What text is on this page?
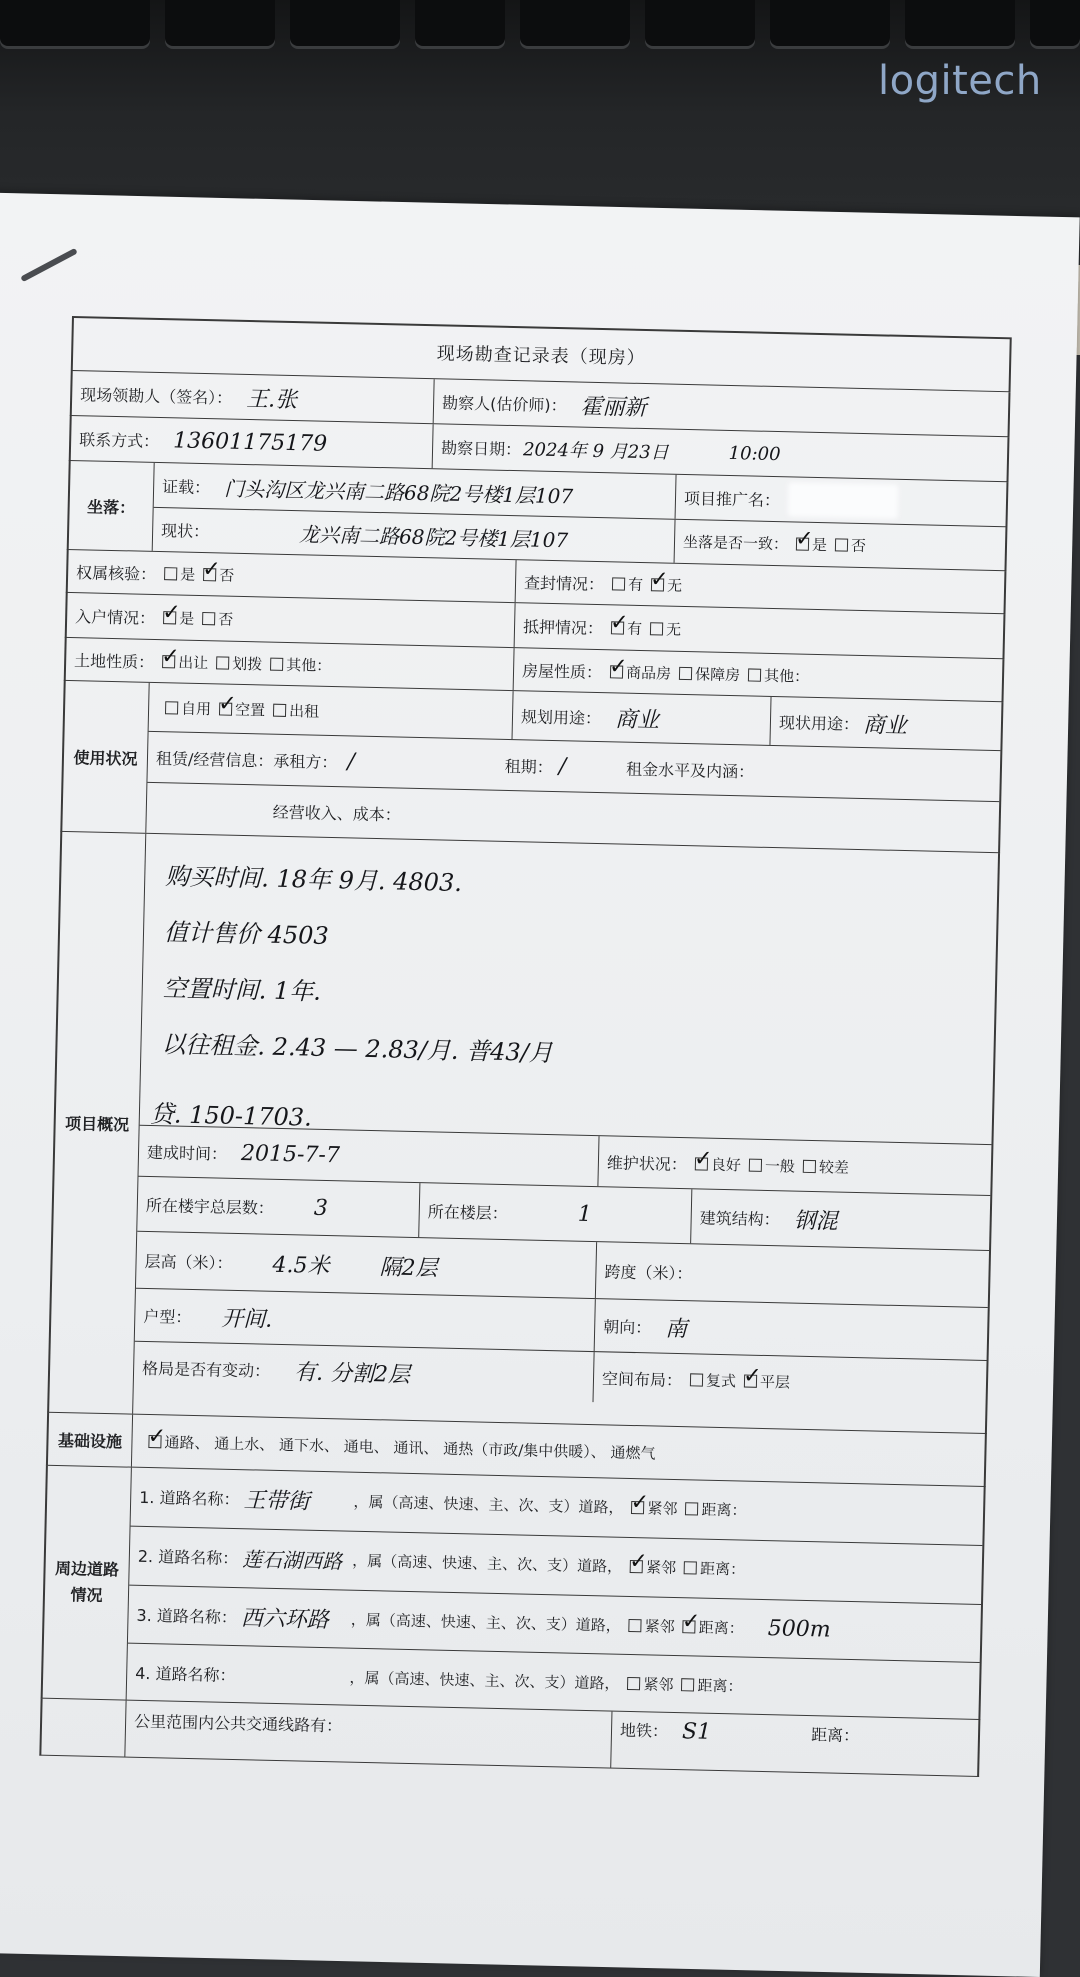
logitech
现场勘查记录表（现房）
现场领勘人（签名）： 王.张	勘察人(估价师)： 霍丽新
联系方式： 13601175179	勘察日期： 2024年 9 月23日	10:00
坐落：
证载： 门头沟区龙兴南二路68院2号楼1层107	项目推广名：
现状：	龙兴南二路68院2号楼1层107	坐落是否一致： ✓ 是 否
权属核验： 是 ✓ 否	查封情况： 有 ✓ 无
入户情况： ✓ 是 否	抵押情况： ✓ 有 无
土地性质： ✓ 出让 划拨 其他：	房屋性质： ✓ 商品房 保障房 其他：
使用状况
自用 ✓ 空置 出租	规划用途： 商业	现状用途： 商业
租赁/经营信息：承租方： /	租期： /	租金水平及内涵：
经营收入、成本：
项目概况
购买时间. 18年 9月. 4803.
值计售价 4503
空置时间. 1年.
以往租金. 2.43 — 2.83/月. 普43/月
贷. 150-1703.
建成时间： 2015-7-7	维护状况： ✓ 良好 一般 较差
所在楼宇总层数： 3	所在楼层：	1	建筑结构： 钢混
层高（米）： 4.5米 隔2层	跨度（米）：
户型： 开间.	朝向： 南
格局是否有变动： 有. 分割2层	空间布局： 复式 ✓ 平层
基础设施 ✓	通路、 通上水、 通下水、 通电、 通讯、 通热（市政/集中供暖）、 通燃气
周边道路情况
1. 道路名称： 王带街	，属（高速、快速、主、次、支）道路， ✓ 紧邻 距离：
2. 道路名称： 莲石湖西路 ，属（高速、快速、主、次、支）道路， ✓ 紧邻 距离：
3. 道路名称： 西六环路	，属（高速、快速、主、次、支）道路， 紧邻 ✓ 距离： 500m
4. 道路名称：	，属（高速、快速、主、次、支）道路， 紧邻 距离：
公里范围内公共交通线路有：	地铁： S1	距离：
